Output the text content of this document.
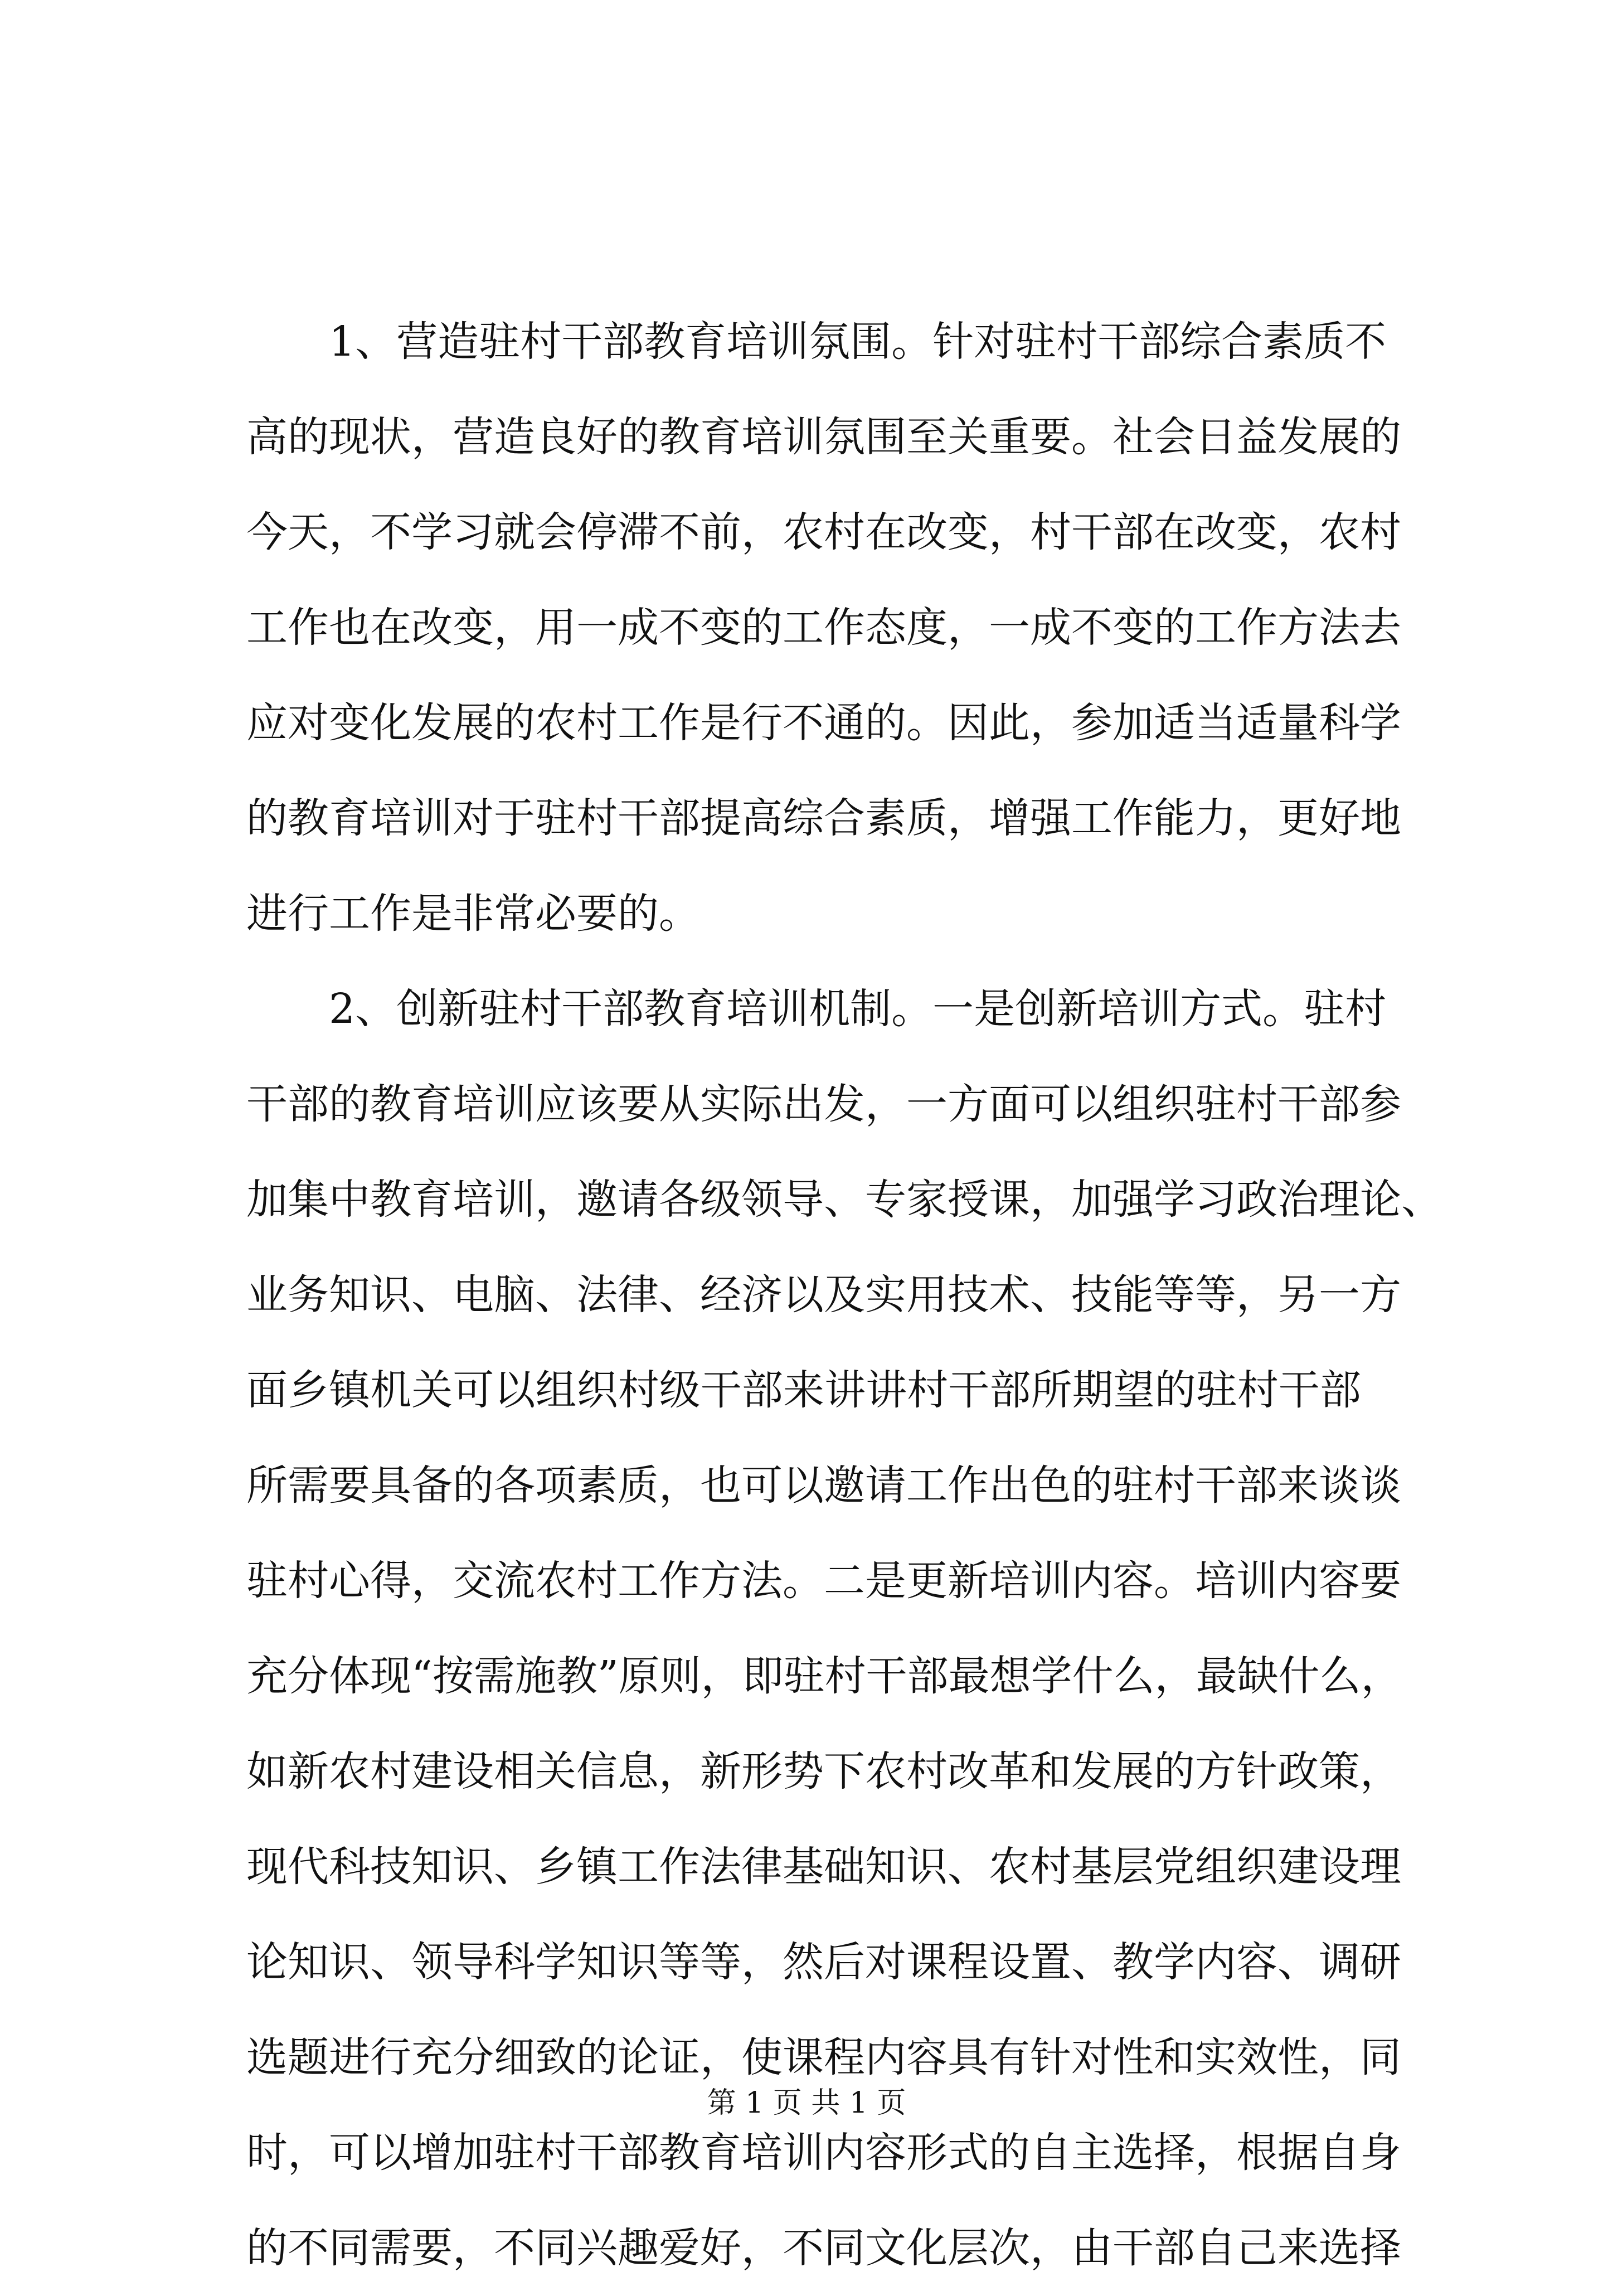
1、营造驻村干部教育培训氛围。针对驻村干部综合素质不
高的现状，营造良好的教育培训氛围至关重要。社会日益发展的
今天，不学习就会停滞不前，农村在改变，村干部在改变，农村
工作也在改变，用一成不变的工作态度，一成不变的工作方法去
应对变化发展的农村工作是行不通的。因此，参加适当适量科学
的教育培训对于驻村干部提高综合素质，增强工作能力，更好地
进行工作是非常必要的。
2、创新驻村干部教育培训机制。一是创新培训方式。驻村
干部的教育培训应该要从实际出发，一方面可以组织驻村干部参
加集中教育培训，邀请各级领导、专家授课，加强学习政治理论、
业务知识、电脑、法律、经济以及实用技术、技能等等，另一方
面乡镇机关可以组织村级干部来讲讲村干部所期望的驻村干部
所需要具备的各项素质，也可以邀请工作出色的驻村干部来谈谈
驻村心得，交流农村工作方法。二是更新培训内容。培训内容要
充分体现“按需施教”原则，即驻村干部最想学什么，最缺什么，
如新农村建设相关信息，新形势下农村改革和发展的方针政策，
现代科技知识、乡镇工作法律基础知识、农村基层党组织建设理
论知识、领导科学知识等等，然后对课程设置、教学内容、调研
选题进行充分细致的论证，使课程内容具有针对性和实效性，同
时，可以增加驻村干部教育培训内容形式的自主选择，根据自身
的不同需要，不同兴趣爱好，不同文化层次，由干部自己来选择
第 1 页 共 1 页
